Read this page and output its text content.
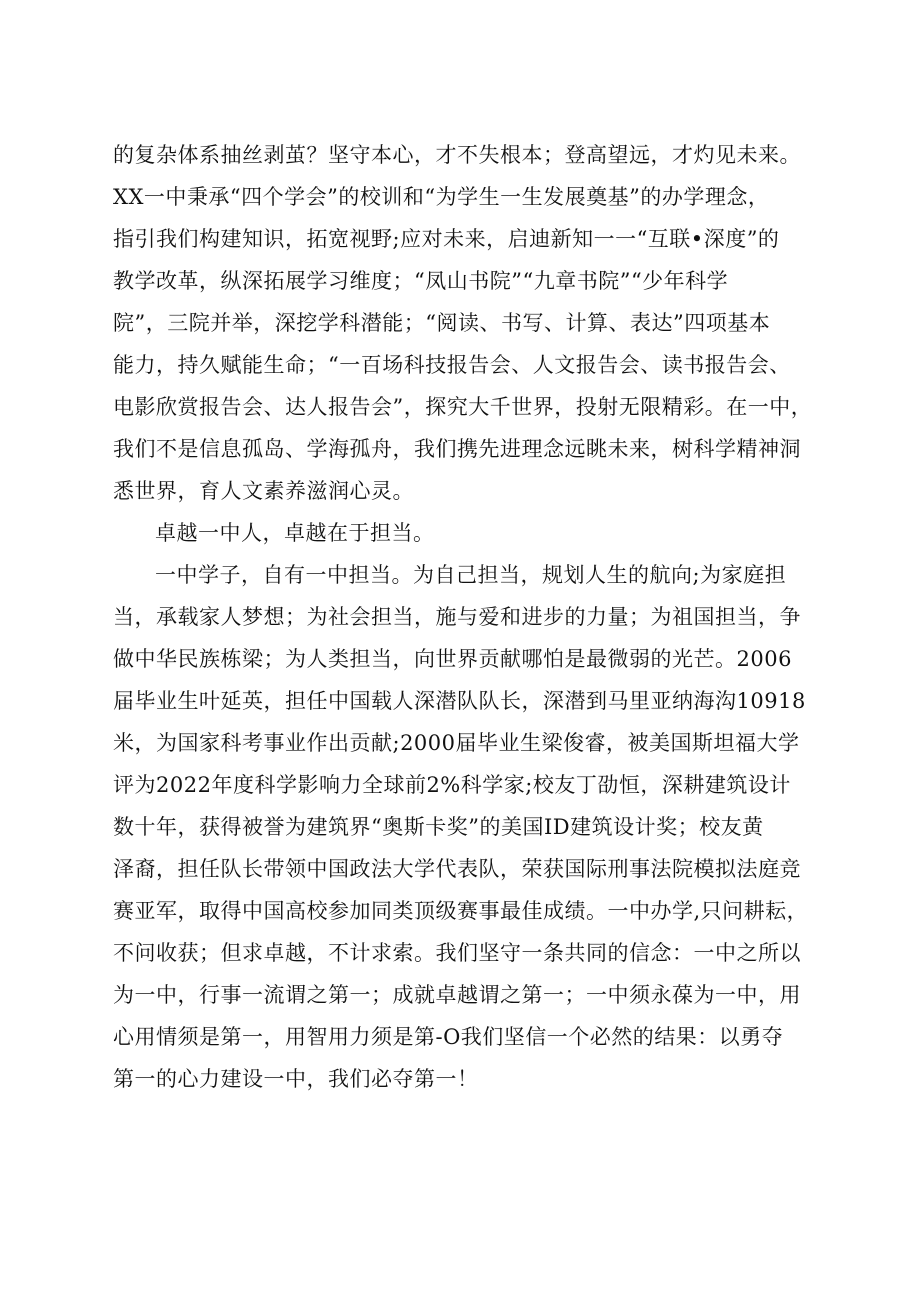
的复杂体系抽丝剥茧？坚守本心，才不失根本；登高望远，才灼见未来。
XX一中秉承“四个学会”的校训和“为学生一生发展奠基”的办学理念，
指引我们构建知识，拓宽视野;应对未来，启迪新知一一“互联•深度”的
教学改革，纵深拓展学习维度；“凤山书院”“九章书院”“少年科学
院”，三院并举，深挖学科潜能；“阅读、书写、计算、表达”四项基本
能力，持久赋能生命；“一百场科技报告会、人文报告会、读书报告会、
电影欣赏报告会、达人报告会”，探究大千世界，投射无限精彩。在一中，
我们不是信息孤岛、学海孤舟，我们携先进理念远眺未来，树科学精神洞
悉世界，育人文素养滋润心灵。
卓越一中人，卓越在于担当。
一中学子，自有一中担当。为自己担当，规划人生的航向;为家庭担
当，承载家人梦想；为社会担当，施与爱和进步的力量；为祖国担当，争
做中华民族栋梁；为人类担当，向世界贡献哪怕是最微弱的光芒。2006
届毕业生叶延英，担任中国载人深潜队队长，深潜到马里亚纳海沟10918
米，为国家科考事业作出贡献;2000届毕业生梁俊睿，被美国斯坦福大学
评为2022年度科学影响力全球前2%科学家;校友丁劭恒，深耕建筑设计
数十年，获得被誉为建筑界“奥斯卡奖”的美国ID建筑设计奖；校友黄
泽裔，担任队长带领中国政法大学代表队，荣获国际刑事法院模拟法庭竞
赛亚军，取得中国高校参加同类顶级赛事最佳成绩。一中办学,只问耕耘，
不问收获；但求卓越，不计求索。我们坚守一条共同的信念：一中之所以
为一中，行事一流谓之第一；成就卓越谓之第一；一中须永葆为一中，用
心用情须是第一，用智用力须是第-O我们坚信一个必然的结果：以勇夺
第一的心力建设一中，我们必夺第一！
